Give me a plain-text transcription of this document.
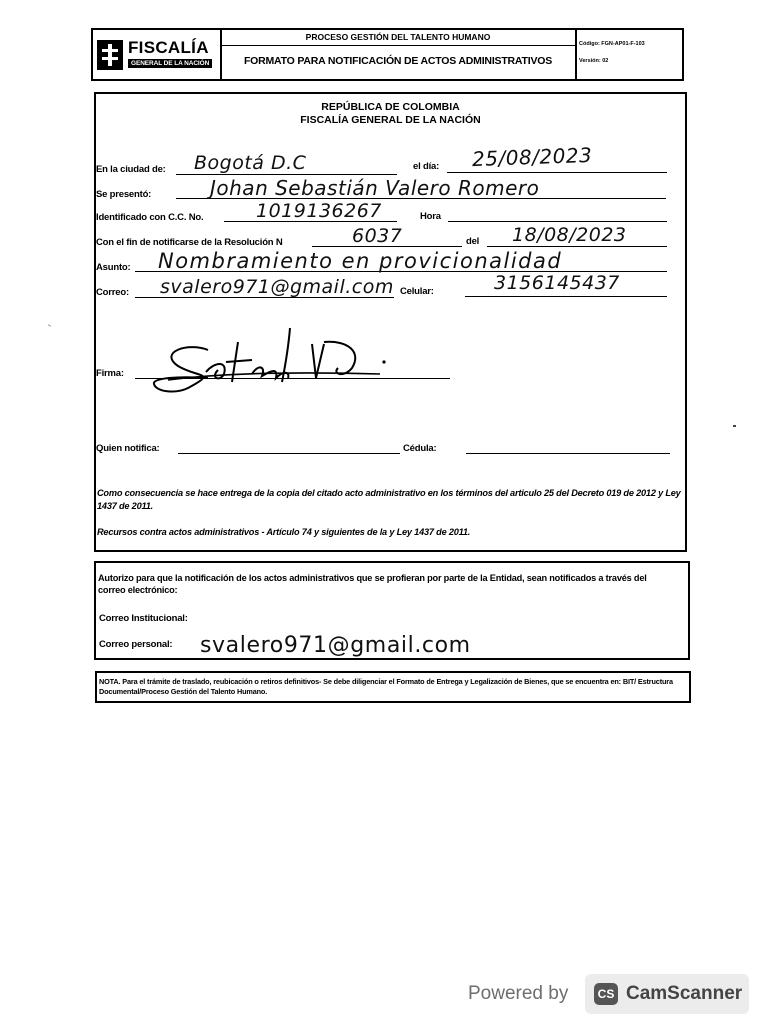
FISCALÍA
GENERAL DE LA NACIÓN
PROCESO GESTIÓN DEL TALENTO HUMANO
FORMATO PARA NOTIFICACIÓN DE ACTOS ADMINISTRATIVOS
Código: FGN-AP01-F-103
Versión: 02
REPÚBLICA DE COLOMBIA
FISCALÍA GENERAL DE LA NACIÓN
En la ciudad de: Bogotá D.C	el día: 25/08/2023
Se presentó:	Johan Sebastián Valero Romero
Identificado con C.C. No.	1019136267	Hora
Con el fin de notificarse de la Resolución N	6037	del 18/08/2023
Asunto: Nombramiento en provicionalidad
Correo: svalero971@gmail.com Celular:	3156145437
Firma:
Quien notifica:	Cédula:
Como consecuencia se hace entrega de la copia del citado acto administrativo en los términos del articulo 25 del Decreto 019 de 2012 y Ley 1437 de 2011.
Recursos contra actos administrativos - Artículo 74 y siguientes de la y Ley 1437 de 2011.
Autorizo para que la notificación de los actos administrativos que se profieran por parte de la Entidad, sean notificados a través del correo electrónico:
Correo Institucional:
Correo personal: svalero971@gmail.com
NOTA. Para el trámite de traslado, reubicación o retiros definitivos- Se debe diligenciar el Formato de Entrega y Legalización de Bienes, que se encuentra en: BIT/ Estructura Documental/Proceso Gestión del Talento Humano.
Powered by	CS CamScanner
